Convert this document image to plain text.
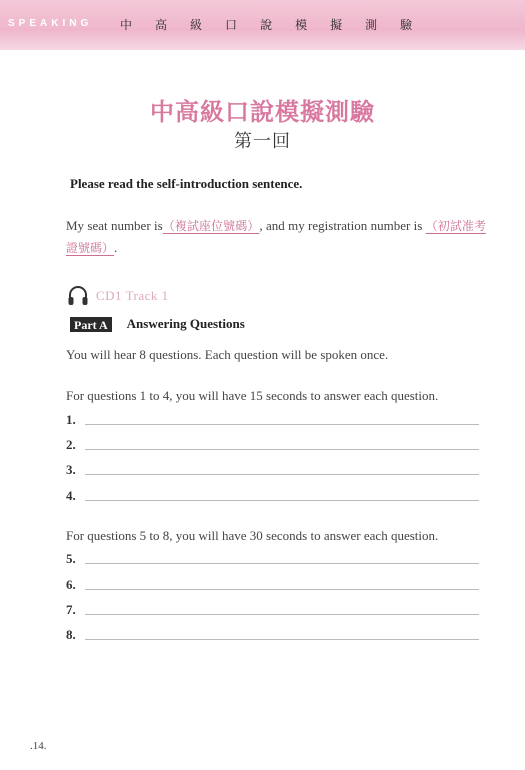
SPEAKING 中 高 級 口 說 模 擬 測 驗
中高級口說模擬測驗
第一回
Please read the self-introduction sentence.
My seat number is（複試座位號碼）, and my registration number is （初試准考證號碼）.
CD1 Track 1
Part A	Answering Questions
You will hear 8 questions. Each question will be spoken once.
For questions 1 to 4, you will have 15 seconds to answer each question.
1.
2.
3.
4.
For questions 5 to 8, you will have 30 seconds to answer each question.
5.
6.
7.
8.
.14.
